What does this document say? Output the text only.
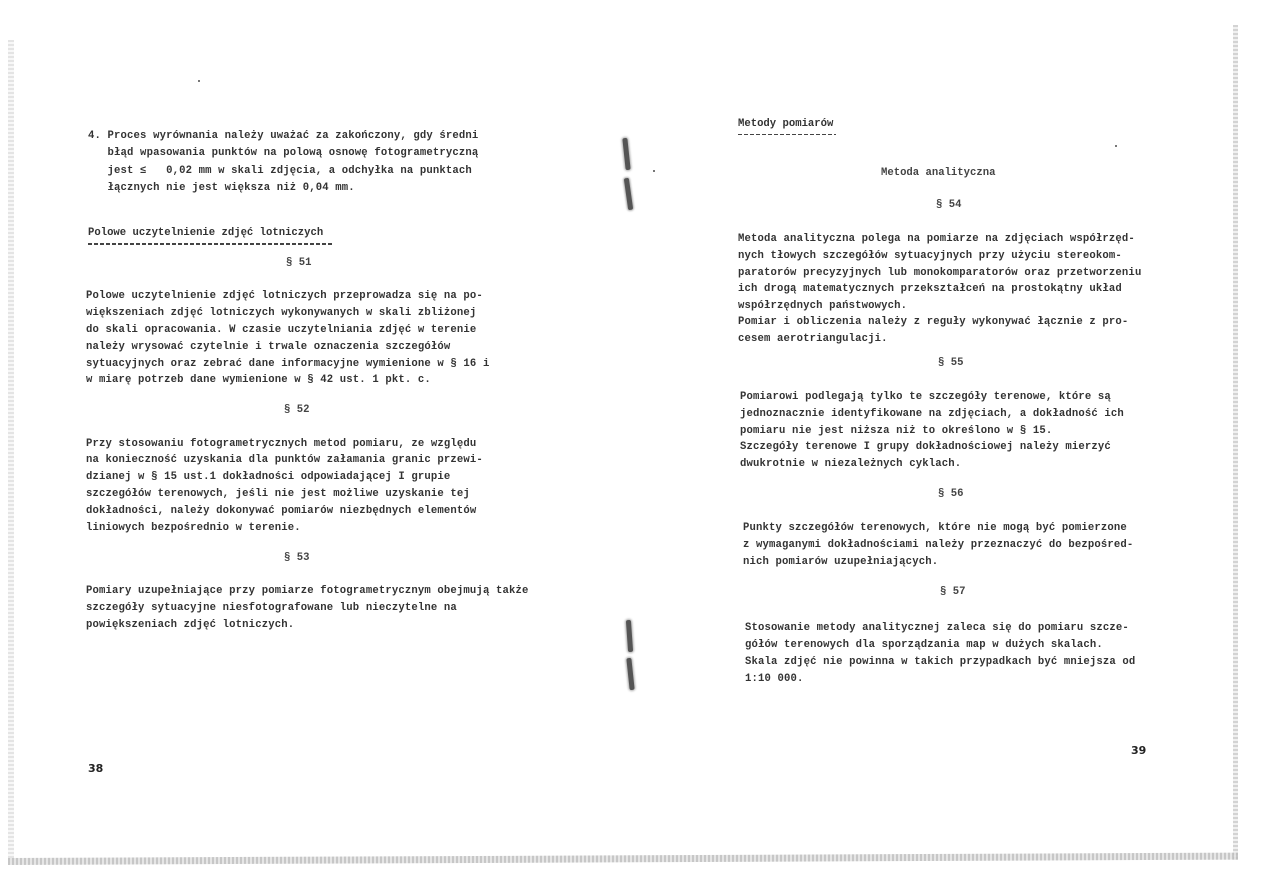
4. Proces wyrównania należy uważać za zakończony, gdy średni
błąd wpasowania punktów na polową osnowę fotogrametryczną
jest ≤   0,02 mm w skali zdjęcia, a odchyłka na punktach
łącznych nie jest większa niż 0,04 mm.
Polowe uczytelnienie zdjęć lotniczych
§ 51
Polowe uczytelnienie zdjęć lotniczych przeprowadza się na po-
większeniach zdjęć lotniczych wykonywanych w skali zbliżonej
do skali opracowania. W czasie uczytelniania zdjęć w terenie
należy wrysować czytelnie i trwale oznaczenia szczegółów
sytuacyjnych oraz zebrać dane informacyjne wymienione w § 16 i
w miarę potrzeb dane wymienione w § 42 ust. 1 pkt. c.
§ 52
Przy stosowaniu fotogrametrycznych metod pomiaru, ze względu
na konieczność uzyskania dla punktów załamania granic przewi-
dzianej w § 15 ust.1 dokładności odpowiadającej I grupie
szczegółów terenowych, jeśli nie jest możliwe uzyskanie tej
dokładności, należy dokonywać pomiarów niezbędnych elementów
liniowych bezpośrednio w terenie.
§ 53
Pomiary uzupełniające przy pomiarze fotogrametrycznym obejmują także
szczegóły sytuacyjne niesfotografowane lub nieczytelne na
powiększeniach zdjęć lotniczych.
38
Metody pomiarów
Metoda analityczna
§ 54
Metoda analityczna polega na pomiarze na zdjęciach współrzęd-
nych tłowych szczegółów sytuacyjnych przy użyciu stereokom-
paratorów precyzyjnych lub monokomparatorów oraz przetworzeniu
ich drogą matematycznych przekształceń na prostokątny układ
współrzędnych państwowych.
Pomiar i obliczenia należy z reguły wykonywać łącznie z pro-
cesem aerotriangulacji.
§ 55
Pomiarowi podlegają tylko te szczegóły terenowe, które są
jednoznacznie identyfikowane na zdjęciach, a dokładność ich
pomiaru nie jest niższa niż to określono w § 15.
Szczegóły terenowe I grupy dokładnościowej należy mierzyć
dwukrotnie w niezależnych cyklach.
§ 56
Punkty szczegółów terenowych, które nie mogą być pomierzone
z wymaganymi dokładnościami należy przeznaczyć do bezpośred-
nich pomiarów uzupełniających.
§ 57
Stosowanie metody analitycznej zaleca się do pomiaru szcze-
gółów terenowych dla sporządzania map w dużych skalach.
Skala zdjęć nie powinna w takich przypadkach być mniejsza od
1:10 000.
39
